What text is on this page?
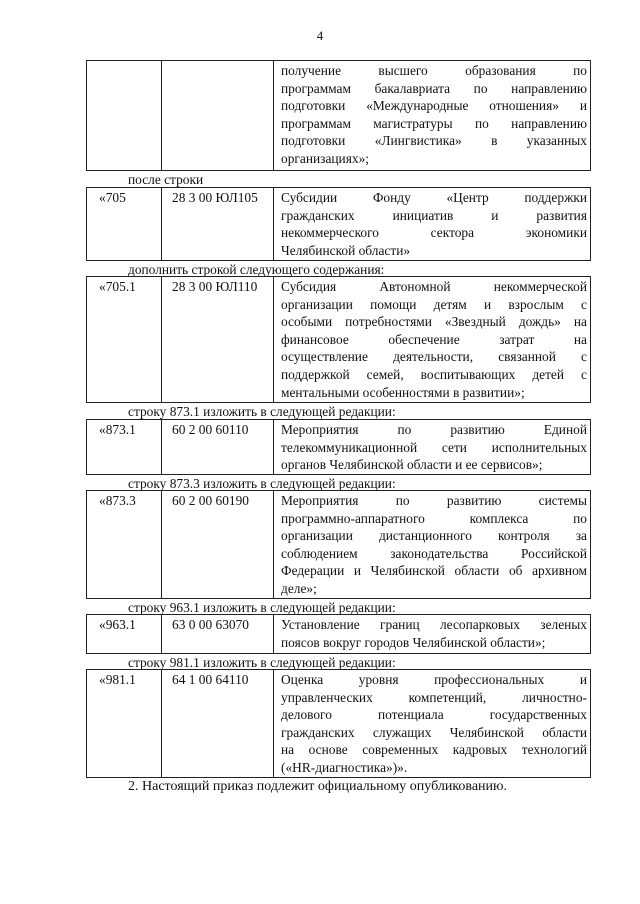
4
получение высшего образования по
программам бакалавриата по направлению
подготовки «Международные отношения» и
программам магистратуры по направлению
подготовки «Лингвистика» в указанных
организациях»;
после строки
«705	28 3 00 ЮЛ105	Субсидии Фонду «Центр поддержки
гражданских инициатив и развития
некоммерческого сектора экономики
Челябинской области»
дополнить строкой следующего содержания:
«705.1	28 3 00 ЮЛ110	Субсидия Автономной некоммерческой
организации помощи детям и взрослым с
особыми потребностями «Звездный дождь» на
финансовое обеспечение затрат на
осуществление деятельности, связанной с
поддержкой семей, воспитывающих детей с
ментальными особенностями в развитии»;
строку 873.1 изложить в следующей редакции:
«873.1	60 2 00 60110	Мероприятия по развитию Единой
телекоммуникационной сети исполнительных
органов Челябинской области и ее сервисов»;
строку 873.3 изложить в следующей редакции:
«873.3	60 2 00 60190	Мероприятия по развитию системы
программно-аппаратного комплекса по
организации дистанционного контроля за
соблюдением законодательства Российской
Федерации и Челябинской области об архивном
деле»;
строку 963.1 изложить в следующей редакции:
«963.1	63 0 00 63070	Установление границ лесопарковых зеленых
поясов вокруг городов Челябинской области»;
строку 981.1 изложить в следующей редакции:
«981.1	64 1 00 64110	Оценка уровня профессиональных и
управленческих компетенций, личностно-
делового потенциала государственных
гражданских служащих Челябинской области
на основе современных кадровых технологий
(«HR-диагностика»)».
2. Настоящий приказ подлежит официальному опубликованию.
